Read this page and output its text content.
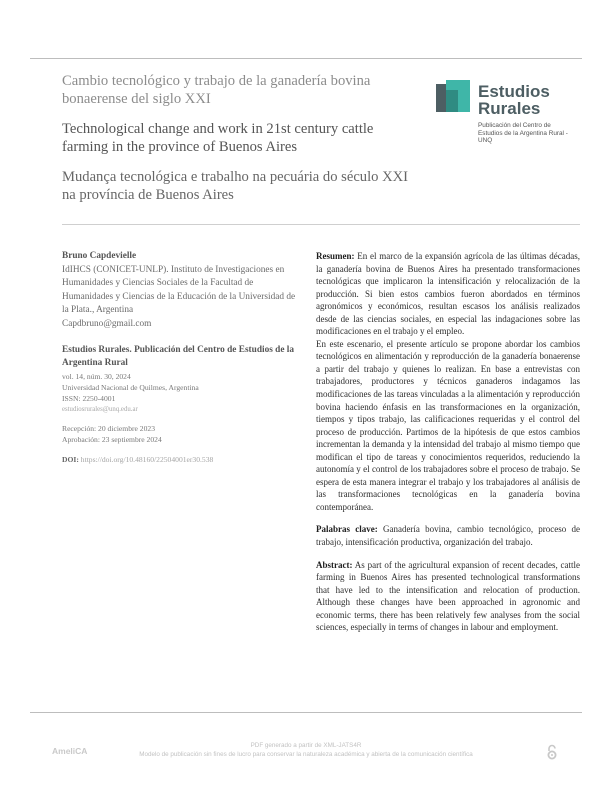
Cambio tecnológico y trabajo de la ganadería bovina bonaerense del siglo XXI
Technological change and work in 21st century cattle farming in the province of Buenos Aires
Mudança tecnológica e trabalho na pecuária do século XXI na província de Buenos Aires
Estudios
Rurales
Publicación del Centro de Estudios de la Argentina Rural - UNQ
Bruno Capdevielle
IdIHCS (CONICET-UNLP). Instituto de Investigaciones en Humanidades y Ciencias Sociales de la Facultad de Humanidades y Ciencias de la Educación de la Universidad de la Plata., Argentina
Capdbruno@gmail.com
Estudios Rurales. Publicación del Centro de Estudios de la Argentina Rural
vol. 14, núm. 30, 2024
Universidad Nacional de Quilmes, Argentina
ISSN: 2250-4001
estudiosrurales@unq.edu.ar
Recepción: 20 diciembre 2023
Aprobación: 23 septiembre 2024
DOI: https://doi.org/10.48160/22504001er30.538

Resumen: En el marco de la expansión agrícola de las últimas décadas, la ganadería bovina de Buenos Aires ha presentado transformaciones tecnológicas que implicaron la intensificación y relocalización de la producción. Si bien estos cambios fueron abordados en términos agronómicos y económicos, resultan escasos los análisis realizados desde de las ciencias sociales, en especial las indagaciones sobre las modificaciones en el trabajo y el empleo.

En este escenario, el presente artículo se propone abordar los cambios tecnológicos en alimentación y reproducción de la ganadería bonaerense a partir del trabajo y quienes lo realizan. En base a entrevistas con trabajadores, productores y técnicos ganaderos indagamos las modificaciones de las tareas vinculadas a la alimentación y reproducción bovina haciendo énfasis en las transformaciones en la organización, tiempos y tipos trabajo, las calificaciones requeridas y el control del proceso de producción. Partimos de la hipótesis de que estos cambios incrementan la demanda y la intensidad del trabajo al mismo tiempo que modifican el tipo de tareas y conocimientos requeridos, reduciendo la autonomía y el control de los trabajadores sobre el proceso de trabajo. Se espera de esta manera integrar el trabajo y los trabajadores al análisis de las transformaciones tecnológicas en la ganadería bovina contemporánea.

Palabras clave: Ganadería bovina, cambio tecnológico, proceso de trabajo, intensificación productiva, organización del trabajo.

Abstract: As part of the agricultural expansion of recent decades, cattle farming in Buenos Aires has presented technological transformations that have led to the intensification and relocation of production. Although these changes have been approached in agronomic and economic terms, there has been relatively few analyses from the social sciences, especially in terms of changes in labour and employment.

AmeliCA
PDF generado a partir de XML-JATS4R
Modelo de publicación sin fines de lucro para conservar la naturaleza académica y abierta de la comunicación científica
